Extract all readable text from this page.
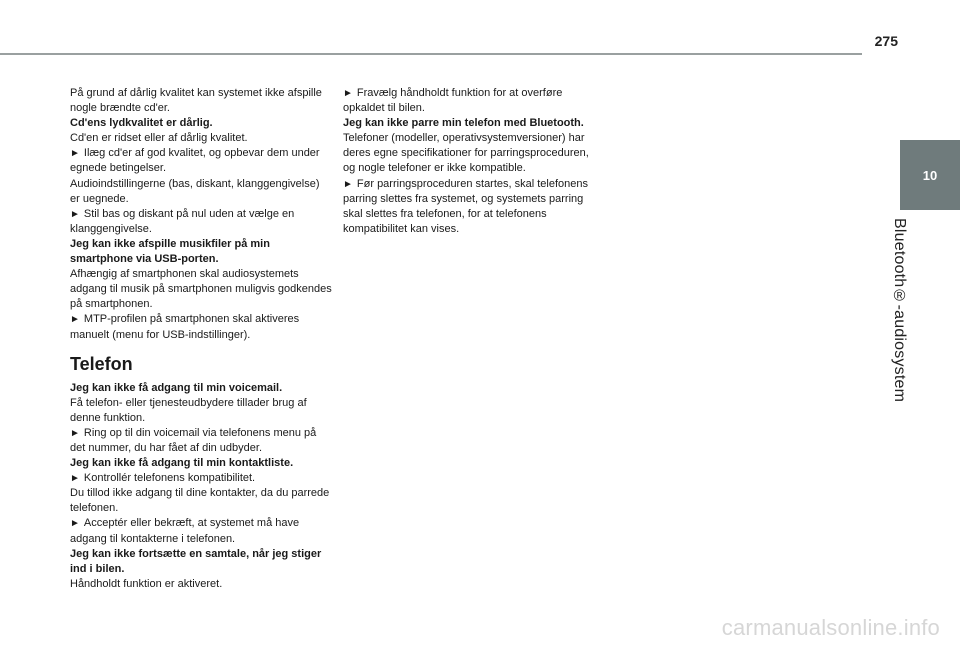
275
10
Bluetooth®-audiosystem

På grund af dårlig kvalitet kan systemet ikke afspille nogle brændte cd'er.

Cd'ens lydkvalitet er dårlig.

Cd'en er ridset eller af dårlig kvalitet.

► Ilæg cd'er af god kvalitet, og opbevar dem under egnede betingelser.

Audioindstillingerne (bas, diskant, klanggengivelse) er uegnede.

► Stil bas og diskant på nul uden at vælge en klanggengivelse.

Jeg kan ikke afspille musikfiler på min smartphone via USB-porten.

Afhængig af smartphonen skal audiosystemets adgang til musik på smartphonen muligvis godkendes på smartphonen.

► MTP-profilen på smartphonen skal aktiveres manuelt (menu for USB-indstillinger).

Telefon

Jeg kan ikke få adgang til min voicemail.

Få telefon- eller tjenesteudbydere tillader brug af denne funktion.

► Ring op til din voicemail via telefonens menu på det nummer, du har fået af din udbyder.

Jeg kan ikke få adgang til min kontaktliste.

► Kontrollér telefonens kompatibilitet.

Du tillod ikke adgang til dine kontakter, da du parrede telefonen.

► Acceptér eller bekræft, at systemet må have adgang til kontakterne i telefonen.

Jeg kan ikke fortsætte en samtale, når jeg stiger ind i bilen.

Håndholdt funktion er aktiveret.

► Fravælg håndholdt funktion for at overføre opkaldet til bilen.

Jeg kan ikke parre min telefon med Bluetooth.

Telefoner (modeller, operativsystemversioner) har deres egne specifikationer for parringsproceduren, og nogle telefoner er ikke kompatible.

► Før parringsproceduren startes, skal telefonens parring slettes fra systemet, og systemets parring skal slettes fra telefonen, for at telefonens kompatibilitet kan vises.

carmanualsonline.info
